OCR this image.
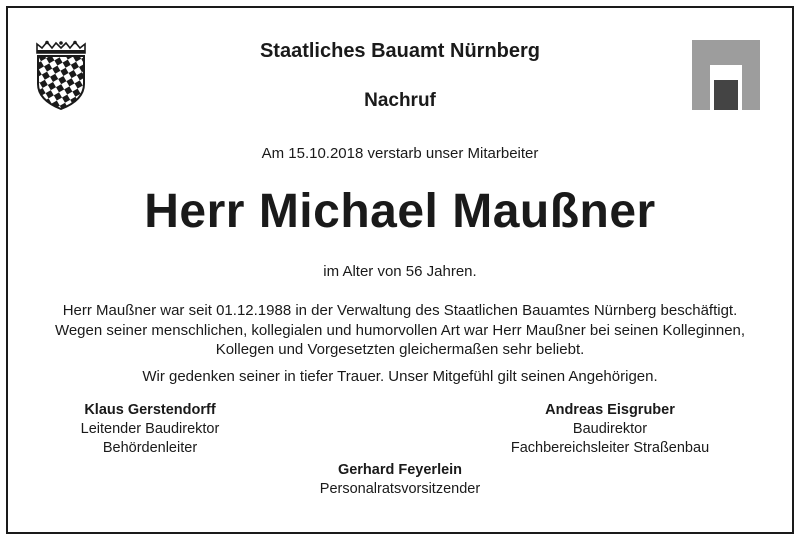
Staatliches Bauamt Nürnberg
Nachruf
Am 15.10.2018 verstarb unser Mitarbeiter
Herr Michael Maußner
im Alter von 56 Jahren.
Herr Maußner war seit 01.12.1988 in der Verwaltung des Staatlichen Bauamtes Nürnberg beschäftigt.
Wegen seiner menschlichen, kollegialen und humorvollen Art war Herr Maußner bei seinen Kolleginnen,
Kollegen und Vorgesetzten gleichermaßen sehr beliebt.
Wir gedenken seiner in tiefer Trauer. Unser Mitgefühl gilt seinen Angehörigen.
Klaus Gerstendorff
Leitender Baudirektor
Behördenleiter
Andreas Eisgruber
Baudirektor
Fachbereichsleiter Straßenbau
Gerhard Feyerlein
Personalratsvorsitzender
